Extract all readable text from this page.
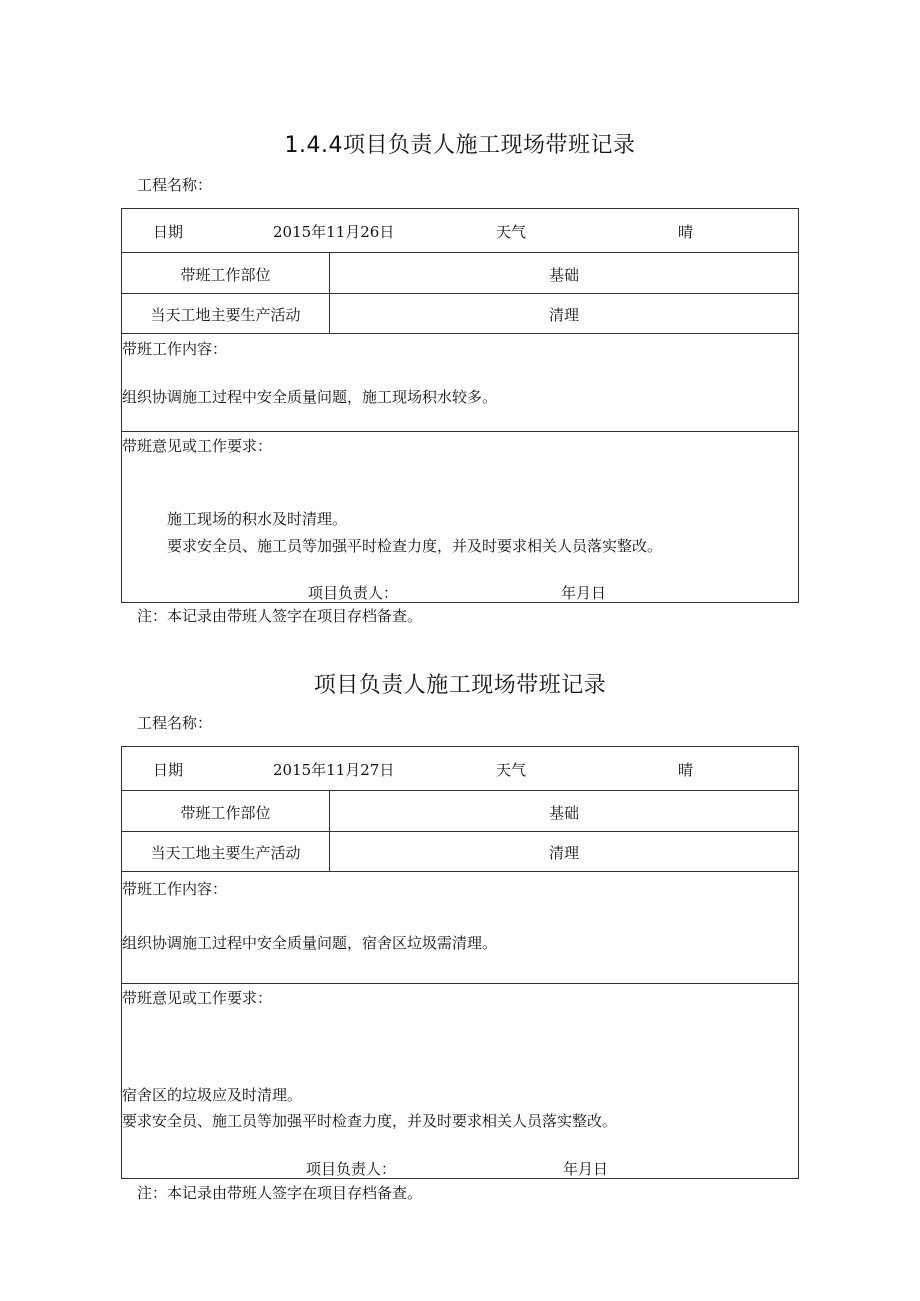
1.4.4项目负责人施工现场带班记录
工程名称：
日期	2015年11月26日	天气	晴
带班工作部位	基础
当天工地主要生产活动	清理
带班工作内容：
组织协调施工过程中安全质量问题，施工现场积水较多。
带班意见或工作要求：
施工现场的积水及时清理。
要求安全员、施工员等加强平时检查力度，并及时要求相关人员落实整改。
项目负责人：	年月日
注：本记录由带班人签字在项目存档备查。
项目负责人施工现场带班记录
工程名称：
日期	2015年11月27日	天气	晴
带班工作部位	基础
当天工地主要生产活动	清理
带班工作内容：
组织协调施工过程中安全质量问题，宿舍区垃圾需清理。
带班意见或工作要求：
宿舍区的垃圾应及时清理。
要求安全员、施工员等加强平时检查力度，并及时要求相关人员落实整改。
项目负责人：	年月日
注：本记录由带班人签字在项目存档备查。
